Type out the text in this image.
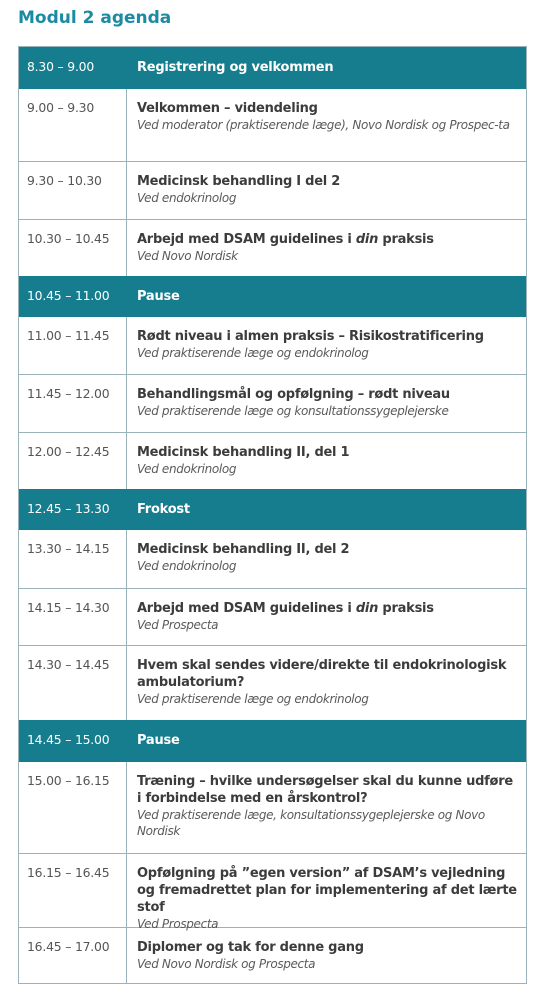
Modul 2 agenda
8.30 – 9.00	Registrering og velkommen
9.00 – 9.30	Velkommen – videndeling
Ved moderator (praktiserende læge), Novo Nordisk og Prospec-ta
9.30 – 10.30	Medicinsk behandling I del 2
Ved endokrinolog
10.30 – 10.45	Arbejd med DSAM guidelines i din praksis
Ved Novo Nordisk
10.45 – 11.00	Pause
11.00 – 11.45	Rødt niveau i almen praksis – Risikostratificering
Ved praktiserende læge og endokrinolog
11.45 – 12.00	Behandlingsmål og opfølgning – rødt niveau
Ved praktiserende læge og konsultationssygeplejerske
12.00 – 12.45	Medicinsk behandling II, del 1
Ved endokrinolog
12.45 – 13.30	Frokost
13.30 – 14.15	Medicinsk behandling II, del 2
Ved endokrinolog
14.15 – 14.30	Arbejd med DSAM guidelines i din praksis
Ved Prospecta
14.30 – 14.45	Hvem skal sendes videre/direkte til endokrinologisk ambulatorium?
Ved praktiserende læge og endokrinolog
14.45 – 15.00	Pause
15.00 – 16.15	Træning – hvilke undersøgelser skal du kunne udføre i forbindelse med en årskontrol?
Ved praktiserende læge, konsultationssygeplejerske og Novo Nordisk
16.15 – 16.45	Opfølgning på ”egen version” af DSAM’s vejledning og fremadrettet plan for implementering af det lærte stof
Ved Prospecta
16.45 – 17.00	Diplomer og tak for denne gang
Ved Novo Nordisk og Prospecta
